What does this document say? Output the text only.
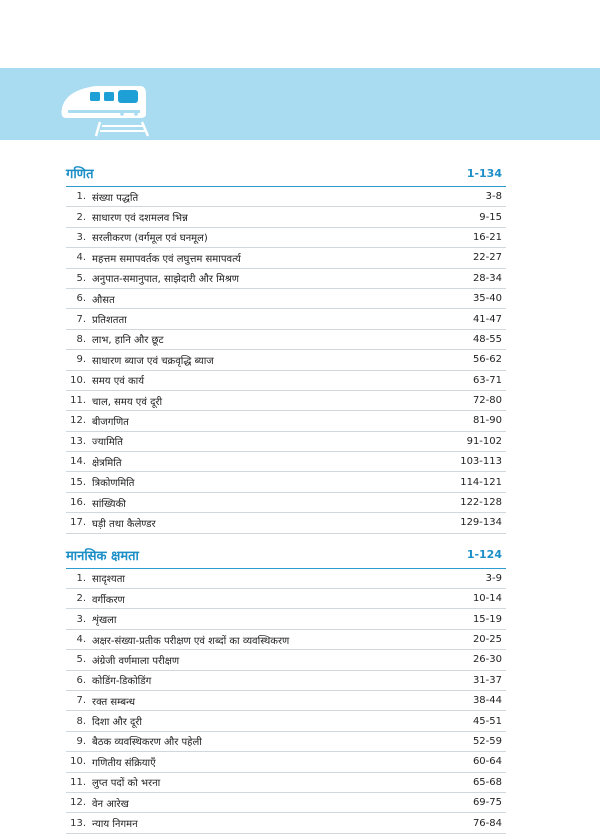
गणित	1-134
1. संख्या पद्धति	3-8
2. साधारण एवं दशमलव भिन्न	9-15
3. सरलीकरण (वर्गमूल एवं घनमूल)	16-21
4. महत्तम समापवर्तक एवं लघुत्तम समापवर्त्य	22-27
5. अनुपात-समानुपात, साझेदारी और मिश्रण	28-34
6. औसत	35-40
7. प्रतिशतता	41-47
8. लाभ, हानि और छूट	48-55
9. साधारण ब्याज एवं चक्रवृद्धि ब्याज	56-62
10. समय एवं कार्य	63-71
11. चाल, समय एवं दूरी	72-80
12. बीजगणित	81-90
13. ज्यामिति	91-102
14. क्षेत्रमिति	103-113
15. त्रिकोणमिति	114-121
16. सांख्यिकी	122-128
17. घड़ी तथा कैलेण्डर	129-134
मानसिक क्षमता	1-124
1. सादृश्यता	3-9
2. वर्गीकरण	10-14
3. शृंखला	15-19
4. अक्षर-संख्या-प्रतीक परीक्षण एवं शब्दों का व्यवस्थिकरण	20-25
5. अंग्रेजी वर्णमाला परीक्षण	26-30
6. कोडिंग-डिकोडिंग	31-37
7. रक्त सम्बन्ध	38-44
8. दिशा और दूरी	45-51
9. बैठक व्यवस्थिकरण और पहेली	52-59
10. गणितीय संक्रियाएँ	60-64
11. लुप्त पदों को भरना	65-68
12. वेन आरेख	69-75
13. न्याय निगमन	76-84
